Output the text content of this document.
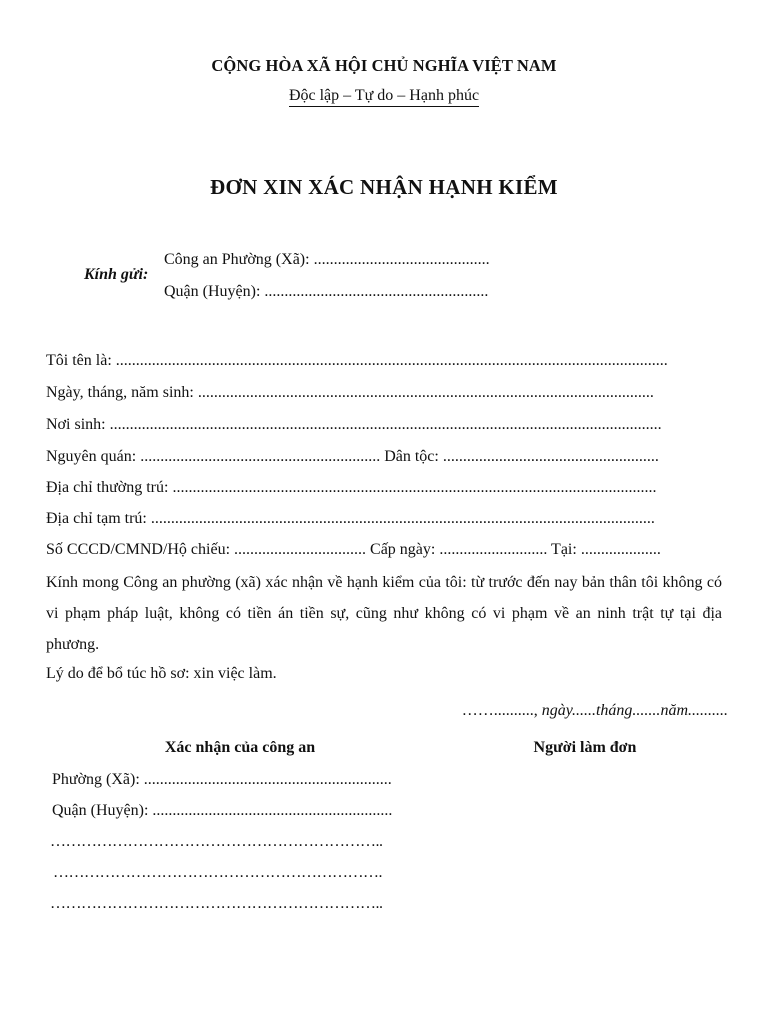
CỘNG HÒA XÃ HỘI CHỦ NGHĨA VIỆT NAM
Độc lập – Tự do – Hạnh phúc
ĐƠN XIN XÁC NHẬN HẠNH KIỂM
Kính gửi:
Công an Phường (Xã): ............................................
Quận (Huyện): ........................................................
Tôi tên là: ..........................................................................................................................................
Ngày, tháng, năm sinh: ..................................................................................................................
Nơi sinh: ..........................................................................................................................................
Nguyên quán: ............................................................ Dân tộc: ......................................................
Địa chỉ thường trú: .........................................................................................................................
Địa chỉ tạm trú: ..............................................................................................................................
Số CCCD/CMND/Hộ chiếu: ................................. Cấp ngày: ........................... Tại: ....................
Kính mong Công an phường (xã) xác nhận về hạnh kiểm của tôi: từ trước đến nay bản thân tôi không có vi phạm pháp luật, không có tiền án tiền sự, cũng như không có vi phạm về an ninh trật tự tại địa phương.
Lý do để bổ túc hồ sơ: xin việc làm.
…….........., ngày......tháng.......năm..........
Xác nhận của công an	Người làm đơn
Phường (Xã): ..............................................................
Quận (Huyện): ............................................................
………………………………………………………..
……………………………………………………….
………………………………………………………..
